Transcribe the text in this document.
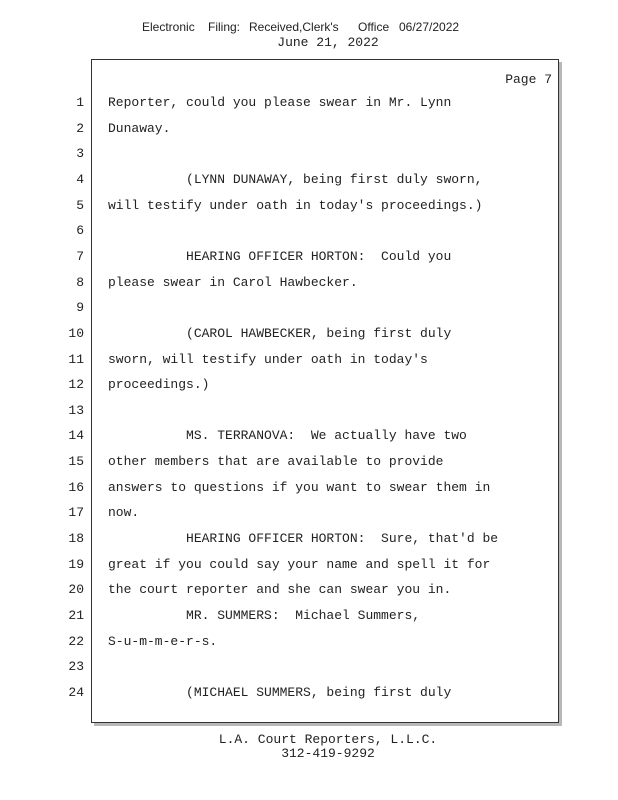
Electronic Filing: Received,Clerk's Office 06/27/2022
June 21, 2022
Page 7
1 Reporter, could you please swear in Mr. Lynn
2 Dunaway.
3
4 (LYNN DUNAWAY, being first duly sworn,
5 will testify under oath in today's proceedings.)
6
7 HEARING OFFICER HORTON:  Could you
8 please swear in Carol Hawbecker.
9
10 (CAROL HAWBECKER, being first duly
11 sworn, will testify under oath in today's
12 proceedings.)
13
14 MS. TERRANOVA:  We actually have two
15 other members that are available to provide
16 answers to questions if you want to swear them in
17 now.
18 HEARING OFFICER HORTON:  Sure, that'd be
19 great if you could say your name and spell it for
20 the court reporter and she can swear you in.
21 MR. SUMMERS:  Michael Summers,
22 S-u-m-m-e-r-s.
23
24 (MICHAEL SUMMERS, being first duly
L.A. Court Reporters, L.L.C.
312-419-9292
